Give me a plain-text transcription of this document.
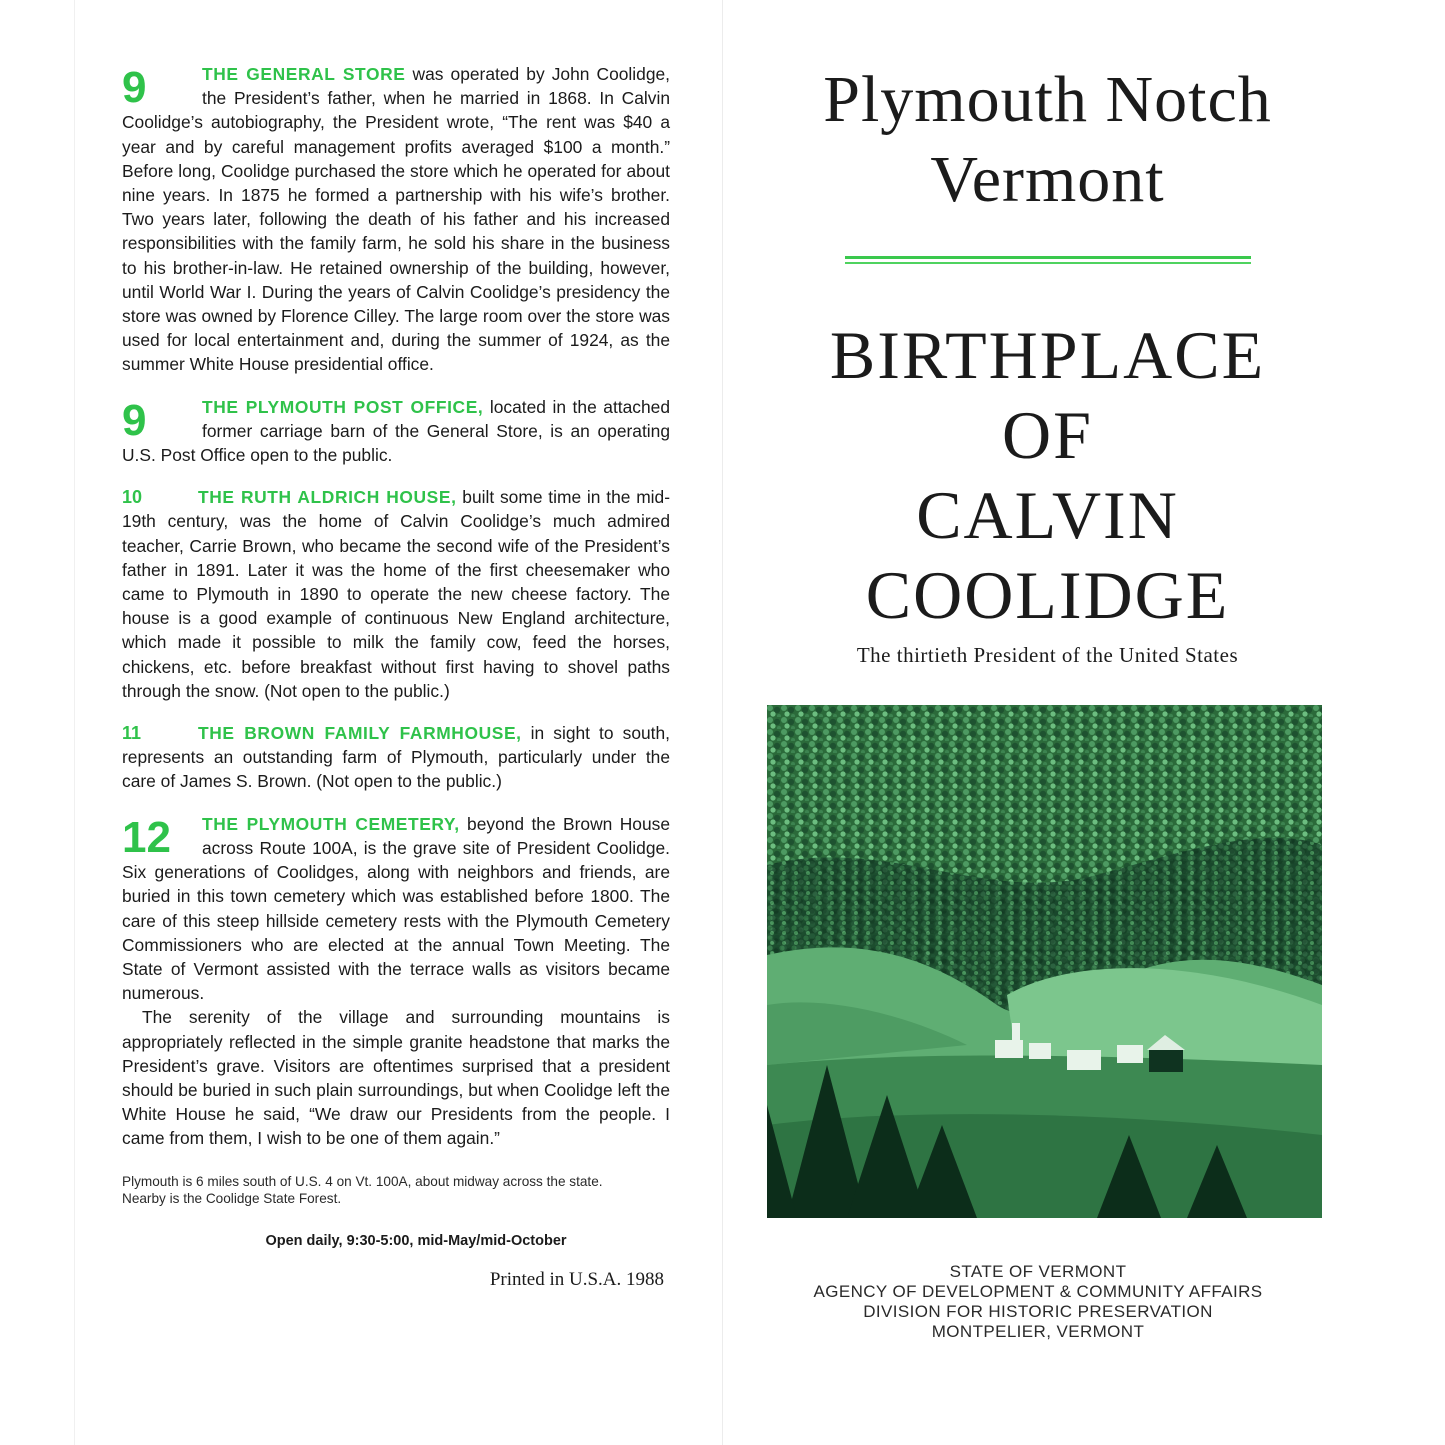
9	THE GENERAL STORE was operated by John Coolidge, the President’s father, when he married in 1868. In Calvin Coolidge’s autobiography, the President wrote, “The rent was $40 a year and by careful management profits averaged $100 a month.” Before long, Coolidge purchased the store which he operated for about nine years. In 1875 he formed a partnership with his wife’s brother. Two years later, following the death of his father and his increased responsibilities with the family farm, he sold his share in the business to his brother-in-law. He retained ownership of the building, however, until World War I. During the years of Calvin Coolidge’s presidency the store was owned by Florence Cilley. The large room over the store was used for local entertainment and, during the summer of 1924, as the summer White House presidential office.

9	THE PLYMOUTH POST OFFICE, located in the attached former carriage barn of the General Store, is an operating U.S. Post Office open to the public.

10	THE RUTH ALDRICH HOUSE, built some time in the mid-19th century, was the home of Calvin Coolidge’s much admired teacher, Carrie Brown, who became the second wife of the President’s father in 1891. Later it was the home of the first cheesemaker who came to Plymouth in 1890 to operate the new cheese factory. The house is a good example of continuous New England architecture, which made it possible to milk the family cow, feed the horses, chickens, etc. before breakfast without first having to shovel paths through the snow. (Not open to the public.)

11	THE BROWN FAMILY FARMHOUSE, in sight to south, represents an outstanding farm of Plymouth, particularly under the care of James S. Brown. (Not open to the public.)

12	THE PLYMOUTH CEMETERY, beyond the Brown House across Route 100A, is the grave site of President Coolidge. Six generations of Coolidges, along with neighbors and friends, are buried in this town cemetery which was established before 1800. The care of this steep hillside cemetery rests with the Plymouth Cemetery Commissioners who are elected at the annual Town Meeting. The State of Vermont assisted with the terrace walls as visitors became numerous.

The serenity of the village and surrounding mountains is appropriately reflected in the simple granite headstone that marks the President’s grave. Visitors are oftentimes surprised that a president should be buried in such plain surroundings, but when Coolidge left the White House he said, “We draw our Presidents from the people. I came from them, I wish to be one of them again.”

Plymouth is 6 miles south of U.S. 4 on Vt. 100A, about midway across the state.
Nearby is the Coolidge State Forest.
Open daily, 9:30-5:00, mid-May/mid-October
Printed in U.S.A. 1988
Plymouth Notch
Vermont
BIRTHPLACE
OF
CALVIN
COOLIDGE
The thirtieth President of the United States
STATE OF VERMONT
AGENCY OF DEVELOPMENT & COMMUNITY AFFAIRS
DIVISION FOR HISTORIC PRESERVATION
MONTPELIER, VERMONT
